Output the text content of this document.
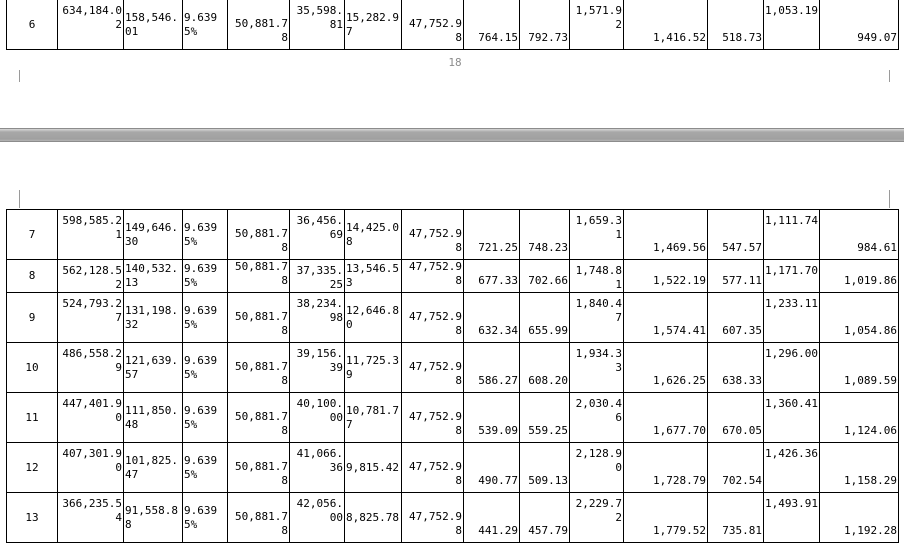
18
6	634,184.02	158,546.01	9.6395%	50,881.78	35,598.81	15,282.97	47,752.98	764.15	792.73	1,571.92	1,416.52	518.73	1,053.19	949.07
7	598,585.21	149,646.30	9.6395%	50,881.78	36,456.69	14,425.08	47,752.98	721.25	748.23	1,659.31	1,469.56	547.57	1,111.74	984.61
8	562,128.52	140,532.13	9.6395%	50,881.78	37,335.25	13,546.53	47,752.98	677.33	702.66	1,748.81	1,522.19	577.11	1,171.70	1,019.86
9	524,793.27	131,198.32	9.6395%	50,881.78	38,234.98	12,646.80	47,752.98	632.34	655.99	1,840.47	1,574.41	607.35	1,233.11	1,054.86
10	486,558.29	121,639.57	9.6395%	50,881.78	39,156.39	11,725.39	47,752.98	586.27	608.20	1,934.33	1,626.25	638.33	1,296.00	1,089.59
11	447,401.90	111,850.48	9.6395%	50,881.78	40,100.00	10,781.77	47,752.98	539.09	559.25	2,030.46	1,677.70	670.05	1,360.41	1,124.06
12	407,301.90	101,825.47	9.6395%	50,881.78	41,066.36	9,815.42	47,752.98	490.77	509.13	2,128.90	1,728.79	702.54	1,426.36	1,158.29
13	366,235.54	91,558.88	9.6395%	50,881.78	42,056.00	8,825.78	47,752.98	441.29	457.79	2,229.72	1,779.52	735.81	1,493.91	1,192.28
